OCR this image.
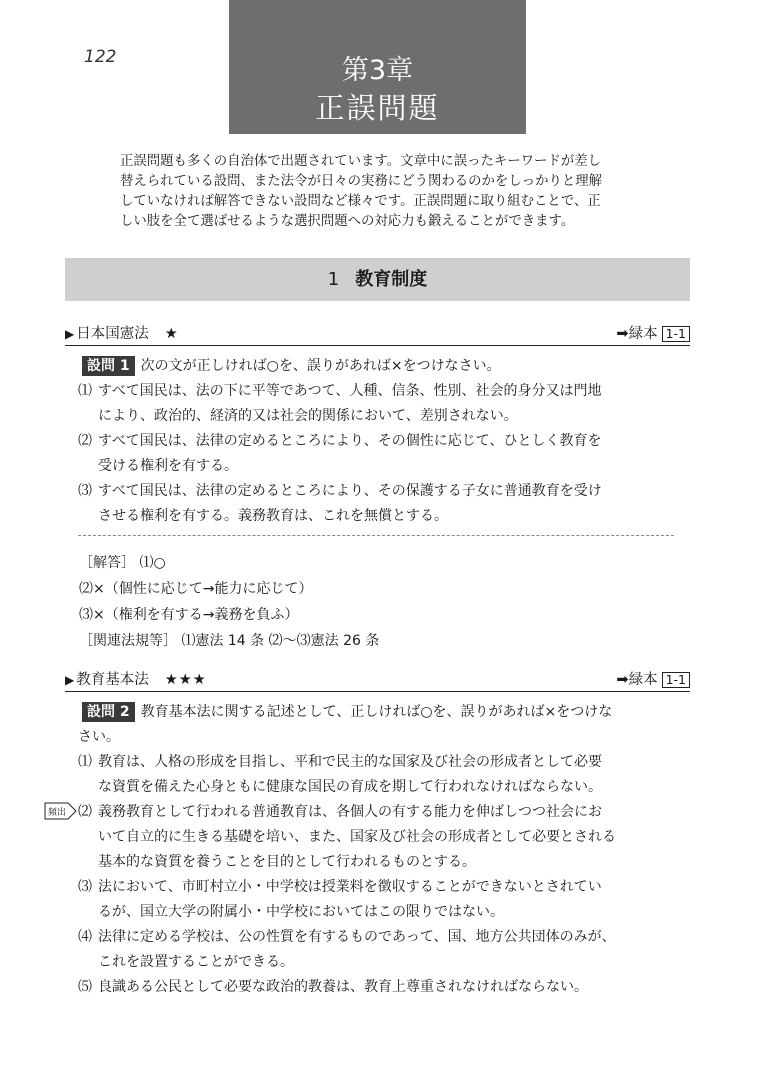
122	第3章
正誤問題

正誤問題も多くの自治体で出題されています。文章中に誤ったキーワードが差し

替えられている設問、また法令が日々の実務にどう関わるのかをしっかりと理解

していなければ解答できない設問など様々です。正誤問題に取り組むことで、正

しい肢を全て選ばせるような選択問題への対応力も鍛えることができます。

1 教育制度
▶ 日本国憲法 ★	➡緑本 1-1
設問 1 次の文が正しければ○を、誤りがあれば×をつけなさい。
⑴ すべて国民は、法の下に平等であつて、人種、信条、性別、社会的身分又は門地
により、政治的、経済的又は社会的関係において、差別されない。
⑵ すべて国民は、法律の定めるところにより、その個性に応じて、ひとしく教育を
受ける権利を有する。
⑶ すべて国民は、法律の定めるところにより、その保護する子女に普通教育を受け
させる権利を有する。義務教育は、これを無償とする。
［解答］ ⑴○
⑵×（個性に応じて→能力に応じて）
⑶×（権利を有する→義務を負ふ）
［関連法規等］ ⑴憲法 14 条 ⑵〜⑶憲法 26 条
▶ 教育基本法 ★★★	➡緑本 1-1
頻出
設問 2 教育基本法に関する記述として、正しければ○を、誤りがあれば×をつけな
さい。
⑴ 教育は、人格の形成を目指し、平和で民主的な国家及び社会の形成者として必要
な資質を備えた心身ともに健康な国民の育成を期して行われなければならない。
⑵ 義務教育として行われる普通教育は、各個人の有する能力を伸ばしつつ社会にお
いて自立的に生きる基礎を培い、また、国家及び社会の形成者として必要とされる
基本的な資質を養うことを目的として行われるものとする。
⑶ 法において、市町村立小・中学校は授業料を徴収することができないとされてい
るが、国立大学の附属小・中学校においてはこの限りではない。
⑷ 法律に定める学校は、公の性質を有するものであって、国、地方公共団体のみが、
これを設置することができる。
⑸ 良識ある公民として必要な政治的教養は、教育上尊重されなければならない。
